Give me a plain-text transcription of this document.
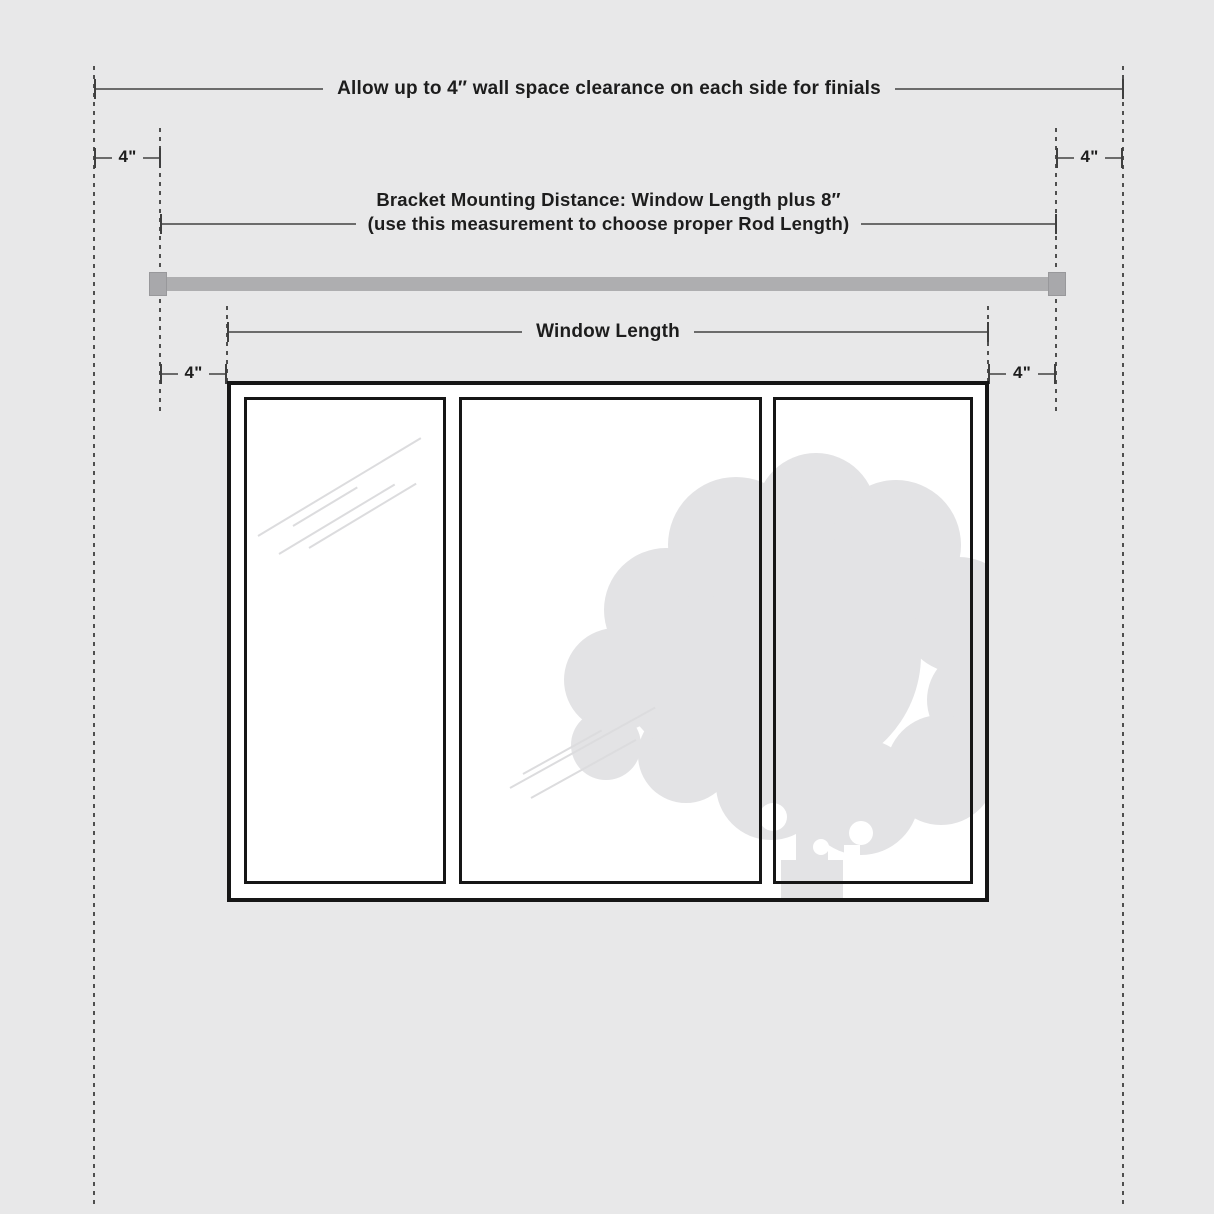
Allow up to 4″ wall space clearance on each side for finials
4"	4"
Bracket Mounting Distance: Window Length plus 8″
(use this measurement to choose proper Rod Length)
Window Length
4"	4"
